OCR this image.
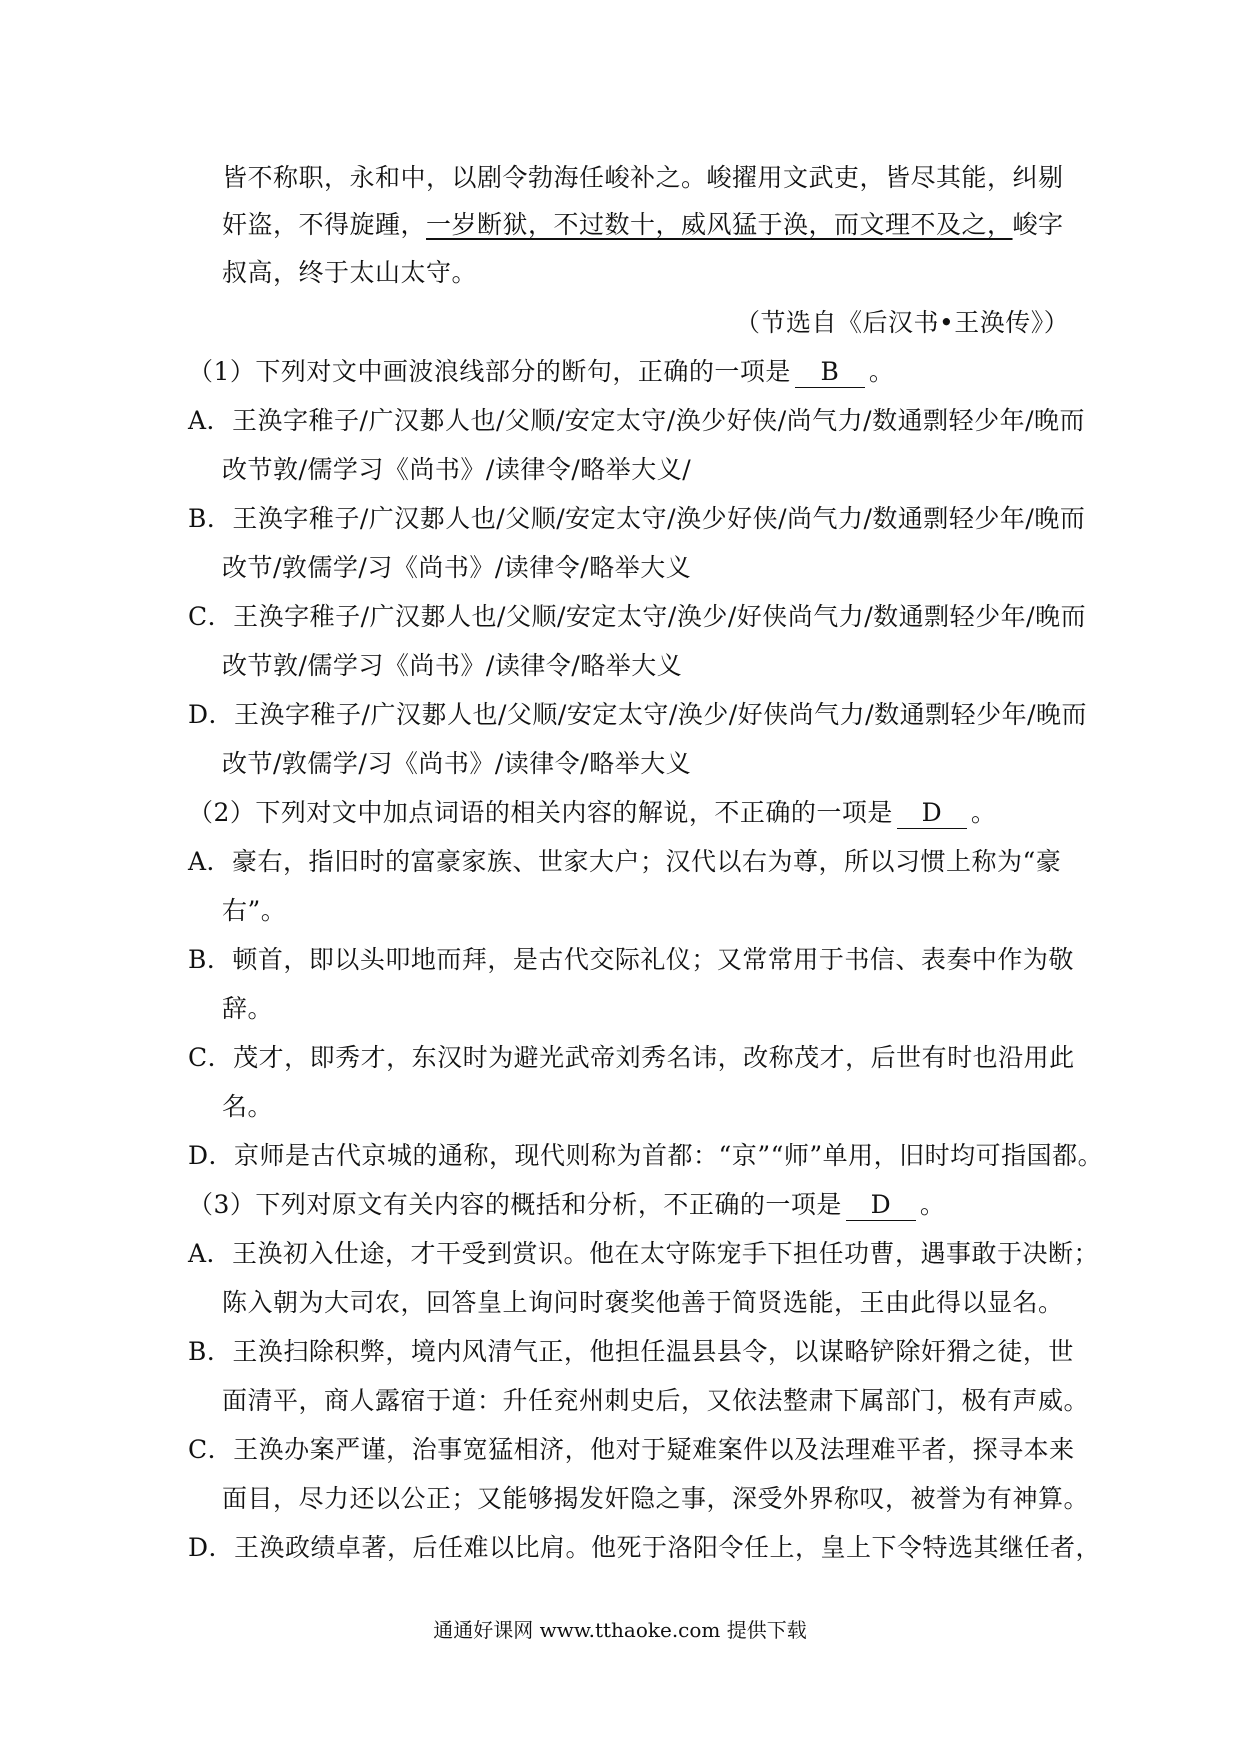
皆不称职，永和中，以剧令勃海任峻补之。峻擢用文武吏，皆尽其能，纠剔
奸盗，不得旋踵，一岁断狱，不过数十，威风猛于涣，而文理不及之，峻字
叔高，终于太山太守。
（节选自《后汉书•王涣传》）
（1）下列对文中画波浪线部分的断句，正确的一项是 B 。
A．王涣字稚子/广汉郪人也/父顺/安定太守/涣少好侠/尚气力/数通剽轻少年/晚而
改节敦/儒学习《尚书》/读律令/略举大义/
B．王涣字稚子/广汉郪人也/父顺/安定太守/涣少好侠/尚气力/数通剽轻少年/晚而
改节/敦儒学/习《尚书》/读律令/略举大义
C．王涣字稚子/广汉郪人也/父顺/安定太守/涣少/好侠尚气力/数通剽轻少年/晚而
改节敦/儒学习《尚书》/读律令/略举大义
D．王涣字稚子/广汉郪人也/父顺/安定太守/涣少/好侠尚气力/数通剽轻少年/晚而
改节/敦儒学/习《尚书》/读律令/略举大义
（2）下列对文中加点词语的相关内容的解说，不正确的一项是 D 。
A．豪右，指旧时的富豪家族、世家大户；汉代以右为尊，所以习惯上称为“豪
右”。
B．顿首，即以头叩地而拜，是古代交际礼仪；又常常用于书信、表奏中作为敬
辞。
C．茂才，即秀才，东汉时为避光武帝刘秀名讳，改称茂才，后世有时也沿用此
名。
D．京师是古代京城的通称，现代则称为首都：“京”“师”单用，旧时均可指国都。
（3）下列对原文有关内容的概括和分析，不正确的一项是 D 。
A．王涣初入仕途，才干受到赏识。他在太守陈宠手下担任功曹，遇事敢于决断；
陈入朝为大司农，回答皇上询问时褒奖他善于简贤选能，王由此得以显名。
B．王涣扫除积弊，境内风清气正，他担任温县县令，以谋略铲除奸猾之徒，世
面清平，商人露宿于道：升任兖州刺史后，又依法整肃下属部门，极有声威。
C．王涣办案严谨，治事宽猛相济，他对于疑难案件以及法理难平者，探寻本来
面目，尽力还以公正；又能够揭发奸隐之事，深受外界称叹，被誉为有神算。
D．王涣政绩卓著，后任难以比肩。他死于洛阳令任上，皇上下令特选其继任者，
通通好课网 www.tthaoke.com 提供下载
